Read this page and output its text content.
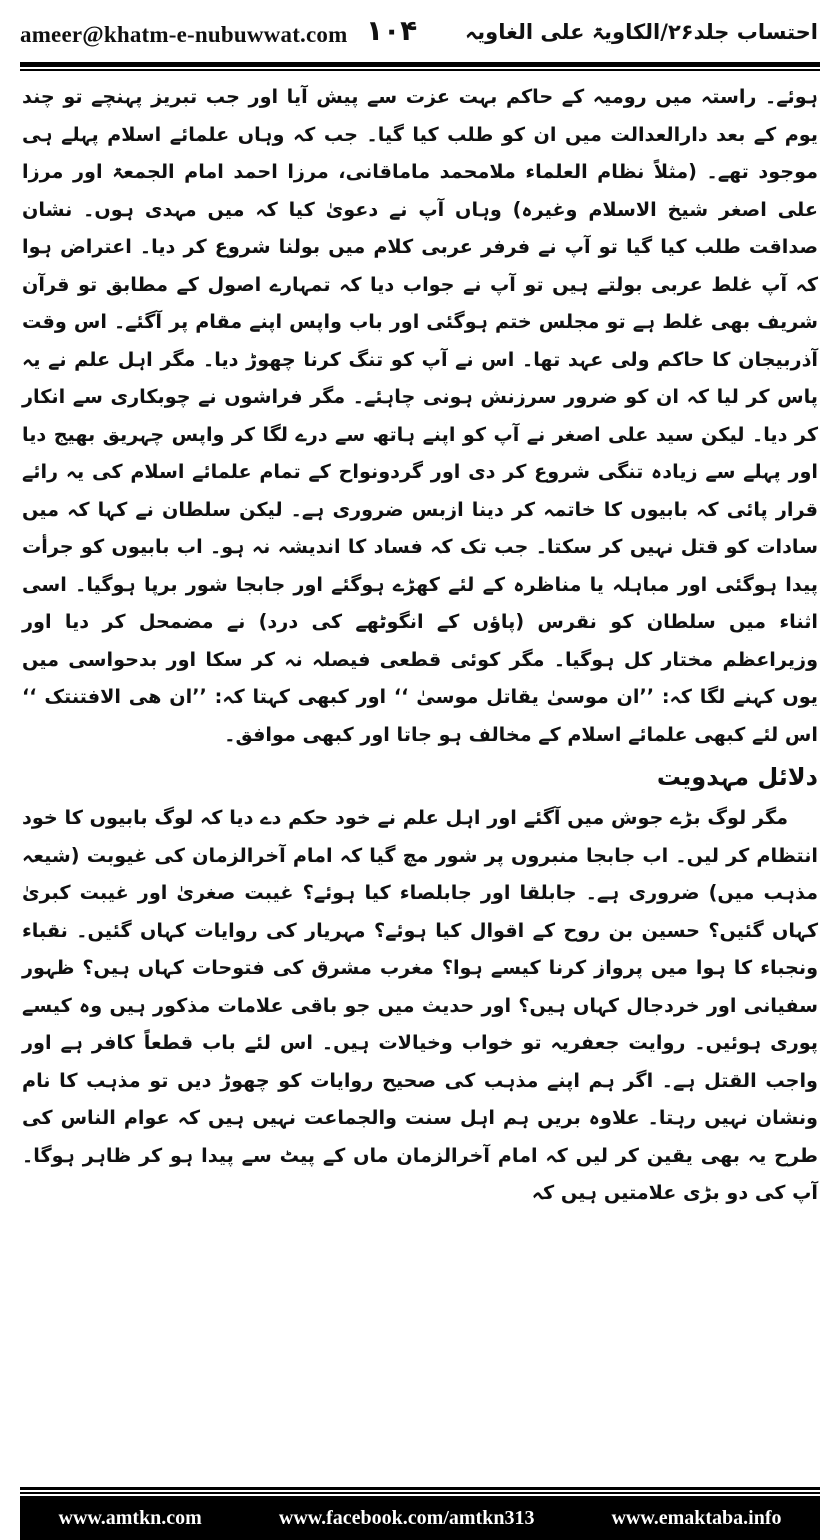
ameer@khatm-e-nubuwwat.com ۱۰۴ احتساب جلد۲۶/الکاویۃ علی الغاویہ

ہوئے۔ راستہ میں رومیہ کے حاکم بہت عزت سے پیش آیا اور جب تبریز پہنچے تو چند یوم کے بعد دارالعدالت میں ان کو طلب کیا گیا۔ جب کہ وہاں علمائے اسلام پہلے ہی موجود تھے۔ (مثلاً نظام العلماء ملامحمد ماماقانی، مرزا احمد امام الجمعۃ اور مرزا علی اصغر شیخ الاسلام وغیرہ) وہاں آپ نے دعویٰ کیا کہ میں مہدی ہوں۔ نشان صداقت طلب کیا گیا تو آپ نے فرفر عربی کلام میں بولنا شروع کر دیا۔ اعتراض ہوا کہ آپ غلط عربی بولتے ہیں تو آپ نے جواب دیا کہ تمہارے اصول کے مطابق تو قرآن شریف بھی غلط ہے تو مجلس ختم ہوگئی اور باب واپس اپنے مقام پر آگئے۔ اس وقت آذربیجان کا حاکم ولی عہد تھا۔ اس نے آپ کو تنگ کرنا چھوڑ دیا۔ مگر اہل علم نے یہ پاس کر لیا کہ ان کو ضرور سرزنش ہونی چاہئے۔ مگر فراشوں نے چوبکاری سے انکار کر دیا۔ لیکن سید علی اصغر نے آپ کو اپنے ہاتھ سے درے لگا کر واپس چہریق بھیج دیا اور پہلے سے زیادہ تنگی شروع کر دی اور گردونواح کے تمام علمائے اسلام کی یہ رائے قرار پائی کہ بابیوں کا خاتمہ کر دینا ازبس ضروری ہے۔ لیکن سلطان نے کہا کہ میں سادات کو قتل نہیں کر سکتا۔ جب تک کہ فساد کا اندیشہ نہ ہو۔ اب بابیوں کو جرأت پیدا ہوگئی اور مباہلہ یا مناظرہ کے لئے کھڑے ہوگئے اور جابجا شور برپا ہوگیا۔ اسی اثناء میں سلطان کو نقرس (پاؤں کے انگوٹھے کی درد) نے مضمحل کر دیا اور وزیراعظم مختار کل ہوگیا۔ مگر کوئی قطعی فیصلہ نہ کر سکا اور بدحواسی میں یوں کہنے لگا کہ: ’’ان موسیٰ یقاتل موسیٰ ‘‘ اور کبھی کہتا کہ: ’’ان ھی الافتنتک ‘‘ اس لئے کبھی علمائے اسلام کے مخالف ہو جاتا اور کبھی موافق۔

دلائل مہدویت

مگر لوگ بڑے جوش میں آگئے اور اہل علم نے خود حکم دے دیا کہ لوگ بابیوں کا خود انتظام کر لیں۔ اب جابجا منبروں پر شور مچ گیا کہ امام آخرالزمان کی غیوبت (شیعہ مذہب میں) ضروری ہے۔ جابلقا اور جابلصاء کیا ہوئے؟ غیبت صغریٰ اور غیبت کبریٰ کہاں گئیں؟ حسین بن روح کے اقوال کیا ہوئے؟ مہریار کی روایات کہاں گئیں۔ نقباء ونجباء کا ہوا میں پرواز کرنا کیسے ہوا؟ مغرب مشرق کی فتوحات کہاں ہیں؟ ظہور سفیانی اور خردجال کہاں ہیں؟ اور حدیث میں جو باقی علامات مذکور ہیں وہ کیسے پوری ہوئیں۔ روایت جعفریہ تو خواب وخیالات ہیں۔ اس لئے باب قطعاً کافر ہے اور واجب القتل ہے۔ اگر ہم اپنے مذہب کی صحیح روایات کو چھوڑ دیں تو مذہب کا نام ونشان نہیں رہتا۔ علاوہ بریں ہم اہل سنت والجماعت نہیں ہیں کہ عوام الناس کی طرح یہ بھی یقین کر لیں کہ امام آخرالزمان ماں کے پیٹ سے پیدا ہو کر ظاہر ہوگا۔ آپ کی دو بڑی علامتیں ہیں کہ

www.amtkn.com	www.facebook.com/amtkn313	www.emaktaba.info
